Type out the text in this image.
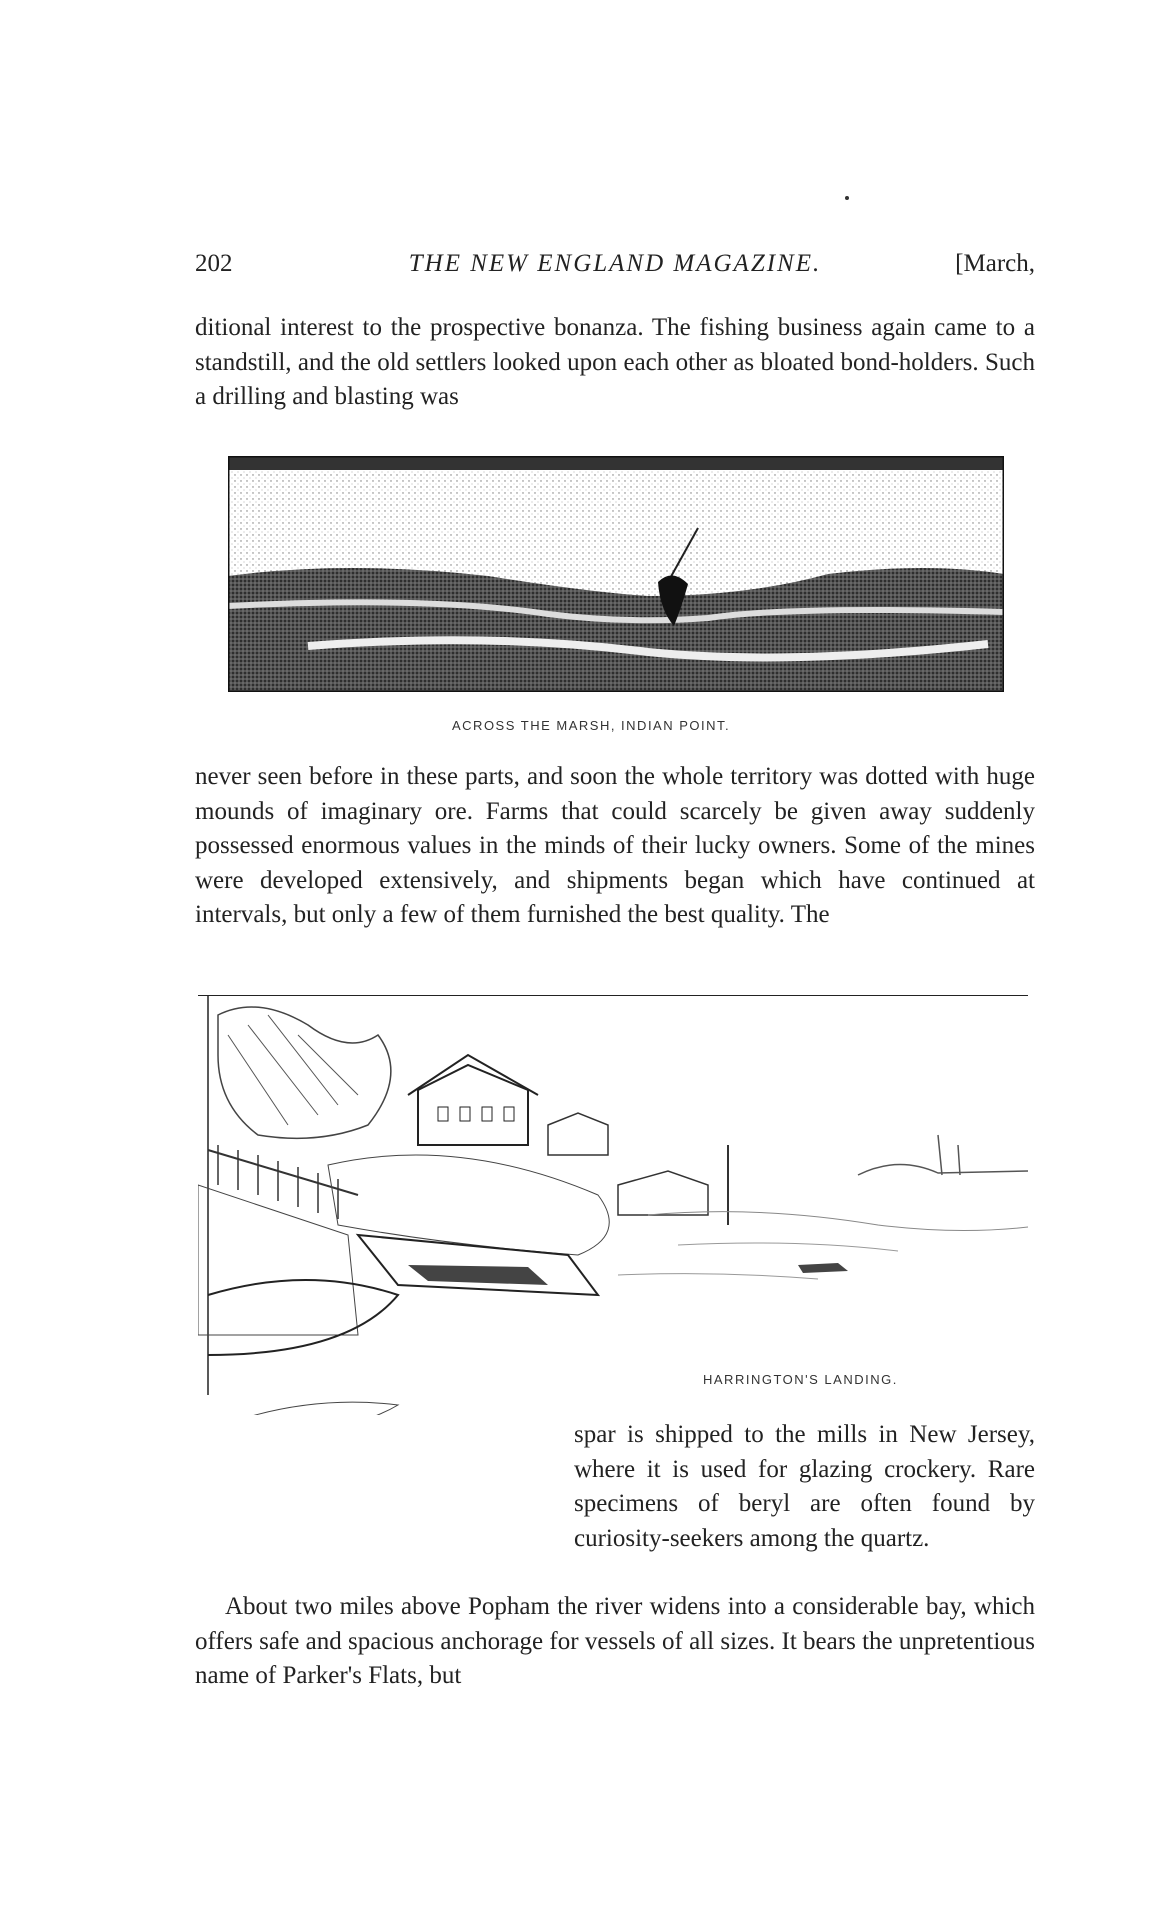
202	THE NEW ENGLAND MAGAZINE.	[March,

ditional interest to the prospective bonanza. The fishing business again came to a standstill, and the old settlers looked upon each other as bloated bond-holders. Such a drilling and blasting was

ACROSS THE MARSH, INDIAN POINT.

never seen before in these parts, and soon the whole territory was dotted with huge mounds of imaginary ore. Farms that could scarcely be given away suddenly possessed enormous values in the minds of their lucky owners. Some of the mines were developed extensively, and shipments began which have continued at intervals, but only a few of them furnished the best quality. The

HARRINGTON'S LANDING.

spar is shipped to the mills in New Jersey, where it is used for glazing crockery. Rare specimens of beryl are often found by curiosity-seekers among the quartz.

About two miles above Popham the river widens into a considerable bay, which offers safe and spacious anchorage for vessels of all sizes. It bears the unpretentious name of Parker's Flats, but
